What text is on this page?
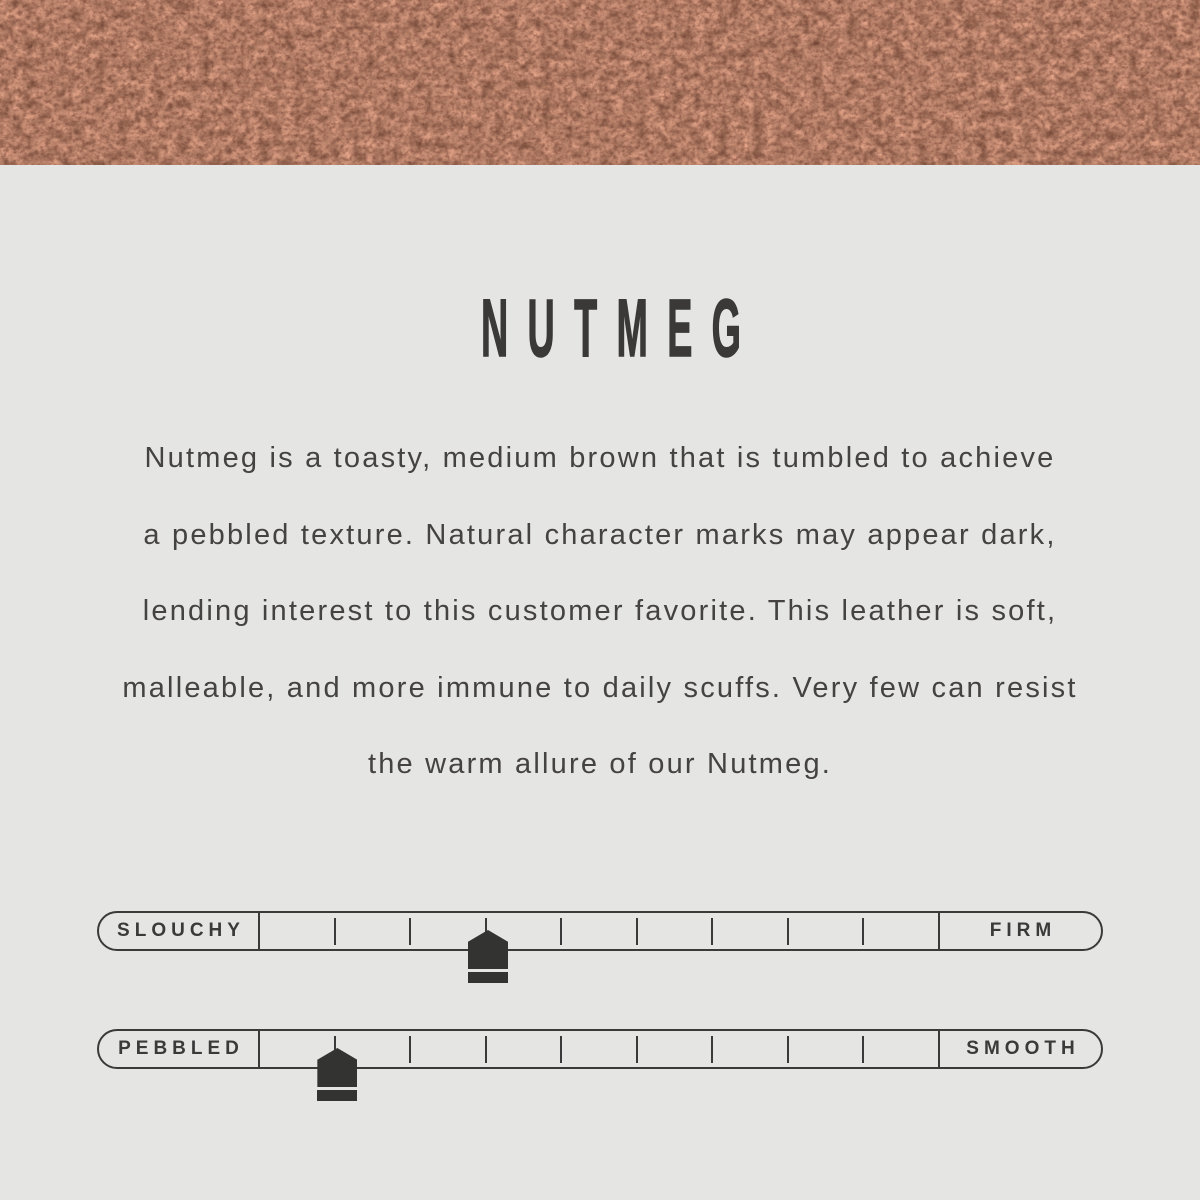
NUTMEG
Nutmeg is a toasty, medium brown that is tumbled to achieve
a pebbled texture. Natural character marks may appear dark,
lending interest to this customer favorite. This leather is soft,
malleable, and more immune to daily scuffs. Very few can resist
the warm allure of our Nutmeg.
SLOUCHY	FIRM
PEBBLED	SMOOTH
